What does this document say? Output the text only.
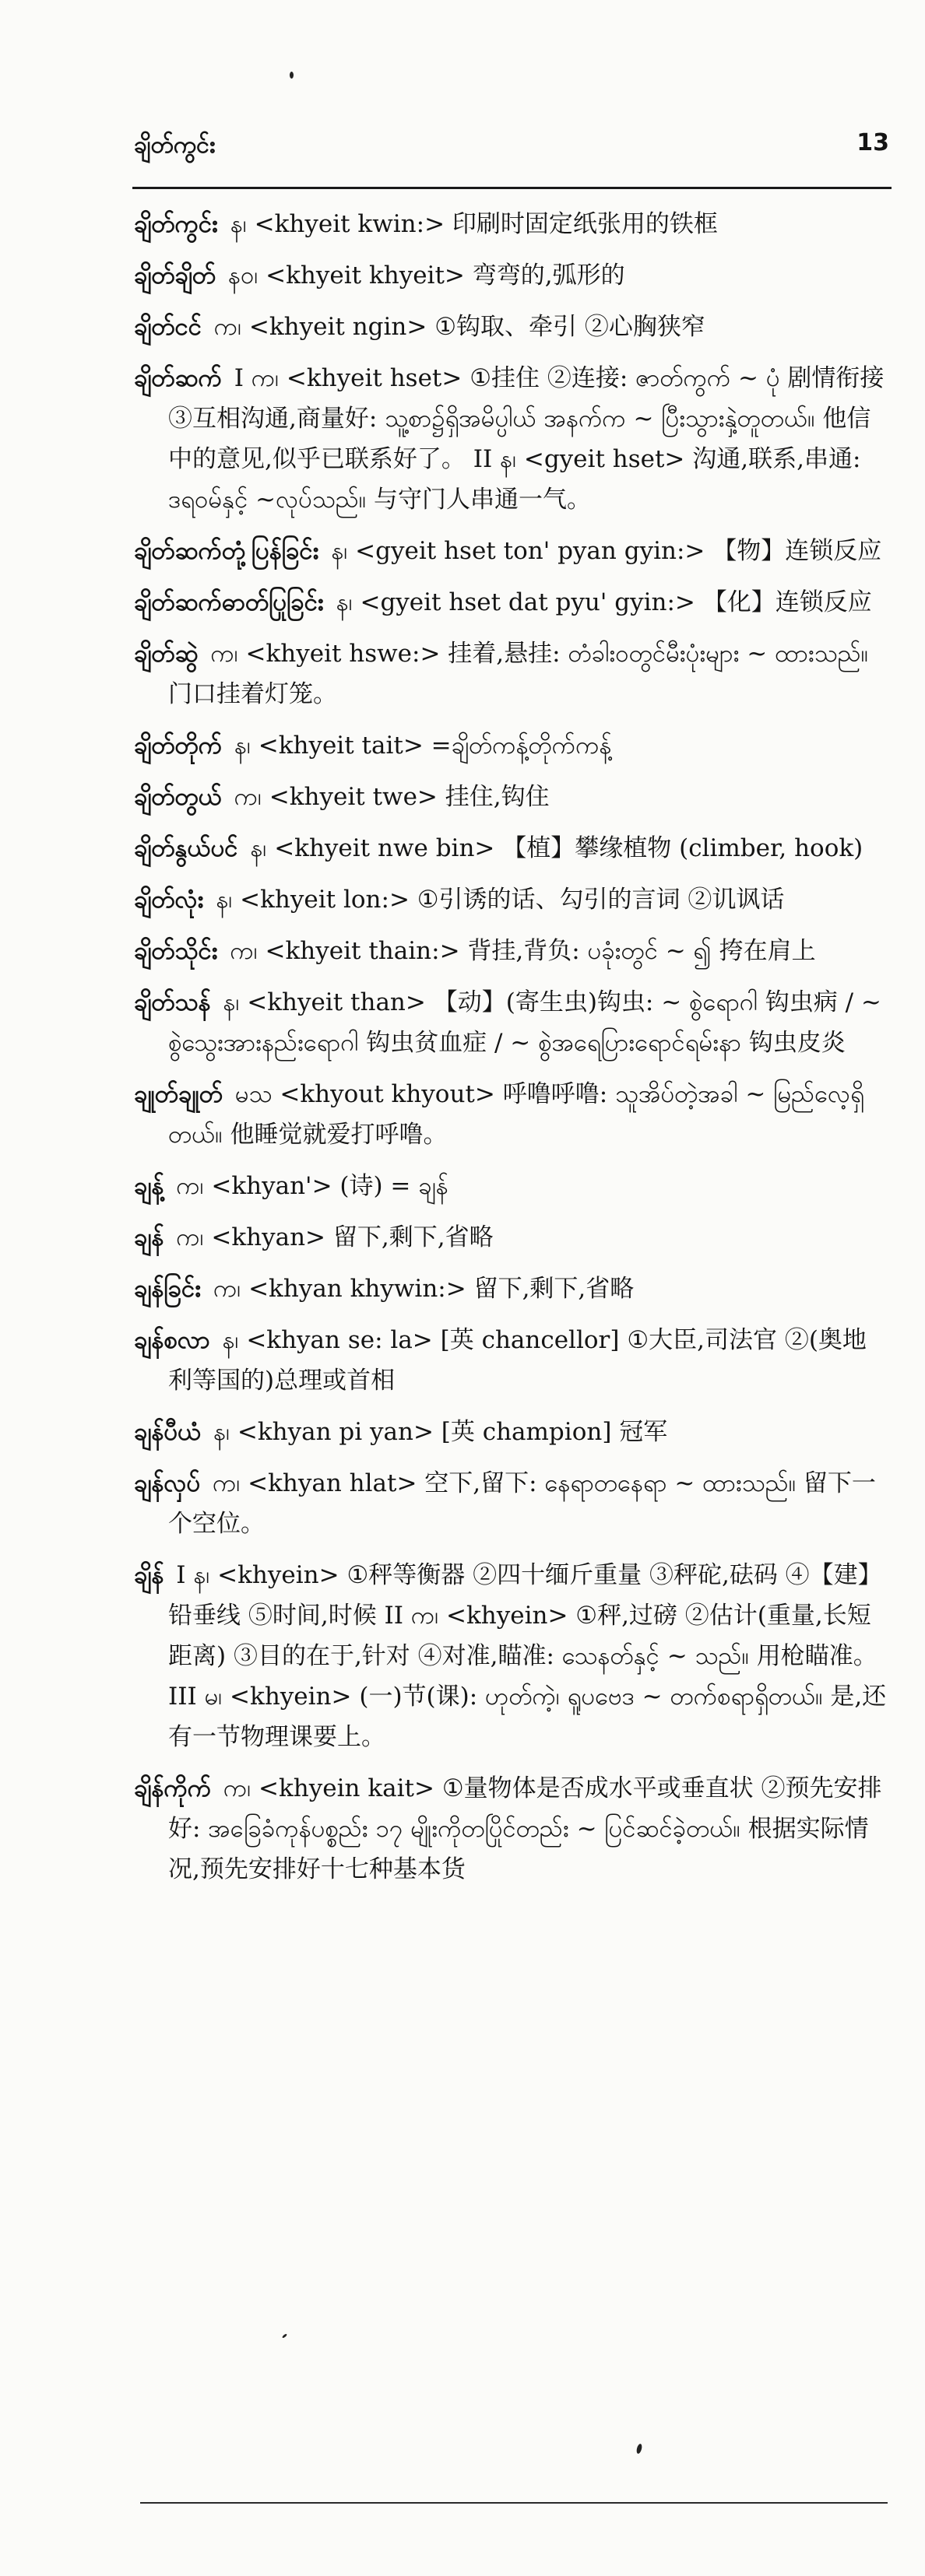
ချိတ်ကွင်း	13
ချိတ်ကွင်း န၊ <khyeit kwin:> 印刷时固定纸张用的铁框
ချိတ်ချိတ် နဝ၊ <khyeit khyeit> 弯弯的,弧形的
ချိတ်ငင် က၊ <khyeit ngin> ①钩取、牵引 ②心胸狭窄
ချိတ်ဆက် I က၊ <khyeit hset> ①挂住 ②连接: ဇာတ်ကွက် ~ ပုံ 剧情衔接 ③互相沟通,商量好: သူ့စာ၌ရှိအမိပ္ပါယ် အနက်က ~ ပြီးသွားနှဲ့တူတယ်။ 他信中的意见,似乎已联系好了。 II န၊ <gyeit hset> 沟通,联系,串通: ဒရဝမ်နှင့် ~လုပ်သည်။ 与守门人串通一气。
ချိတ်ဆက်တုံ့ပြန်ခြင်း န၊ <gyeit hset ton' pyan gyin:> 【物】连锁反应
ချိတ်ဆက်ဓာတ်ပြုခြင်း န၊ <gyeit hset dat pyu' gyin:> 【化】连锁反应
ချိတ်ဆွဲ က၊ <khyeit hswe:> 挂着,悬挂: တံခါးဝတွင်မီးပုံးများ ~ ထားသည်။ 门口挂着灯笼。
ချိတ်တိုက် န၊ <khyeit tait> =ချိတ်ကန့်တိုက်ကန့်
ချိတ်တွယ် က၊ <khyeit twe> 挂住,钩住
ချိတ်နွယ်ပင် န၊ <khyeit nwe bin> 【植】攀缘植物 (climber, hook)
ချိတ်လုံး န၊ <khyeit lon:> ①引诱的话、勾引的言词 ②讥讽话
ချိတ်သိုင်း က၊ <khyeit thain:> 背挂,背负: ပခုံးတွင် ~ ၍ 挎在肩上
ချိတ်သန် န၊ <khyeit than> 【动】(寄生虫)钩虫: ~ စွဲရောဂါ 钩虫病 / ~ စွဲသွေးအားနည်းရောဂါ 钩虫贫血症 / ~ စွဲအရေပြားရောင်ရမ်းနာ 钩虫皮炎
ချုတ်ချုတ် မသ <khyout khyout> 呼噜呼噜: သူအိပ်တဲ့အခါ ~ မြည်လေ့ရှိတယ်။ 他睡觉就爱打呼噜。
ချန့် က၊ <khyan'> (诗) = ချန်
ချန် က၊ <khyan> 留下,剩下,省略
ချန်ခြင်း က၊ <khyan khywin:> 留下,剩下,省略
ချန်စလာ န၊ <khyan se: la> [英 chancellor] ①大臣,司法官 ②(奥地利等国的)总理或首相
ချန်ပီယံ န၊ <khyan pi yan> [英 champion] 冠军
ချန်လှပ် က၊ <khyan hlat> 空下,留下: နေရာတနေရာ ~ ထားသည်။ 留下一个空位。
ချိန် I န၊ <khyein> ①秤等衡器 ②四十缅斤重量 ③秤砣,砝码 ④【建】铅垂线 ⑤时间,时候 II က၊ <khyein> ①秤,过磅 ②估计(重量,长短距离) ③目的在于,针对 ④对准,瞄准: သေနတ်နှင့် ~ သည်။ 用枪瞄准。 III မ၊ <khyein> (一)节(课): ဟုတ်ကဲ့၊ ရူပဗေဒ ~ တက်စရာရှိတယ်။ 是,还有一节物理课要上。
ချိန်ကိုက် က၊ <khyein kait> ①量物体是否成水平或垂直状 ②预先安排好: အခြေခံကုန်ပစ္စည်း ၁၇ မျိုးကိုတပြိုင်တည်း ~ ပြင်ဆင်ခဲ့တယ်။ 根据实际情况,预先安排好十七种基本货
